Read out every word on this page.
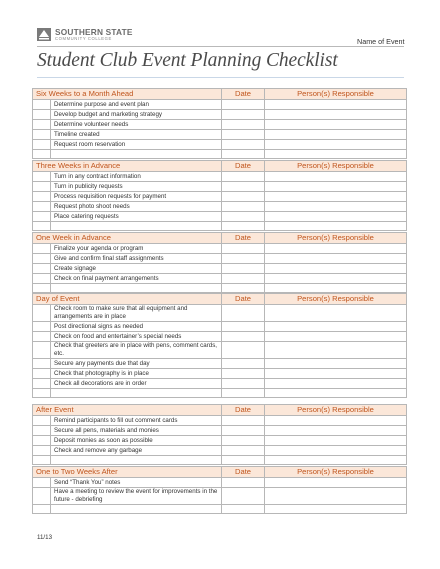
SOUTHERN STATE
COMMUNITY COLLEGE	Name of Event
Student Club Event Planning Checklist
Six Weeks to a Month Ahead		Date	Person(s) Responsible
	Determine purpose and event plan		
	Develop budget and marketing strategy		
	Determine volunteer needs		
	Timeline created		
	Request room reservation		

Three Weeks in Advance		Date	Person(s) Responsible
	Turn in any contract information		
	Turn in publicity requests		
	Process requisition requests for payment		
	Request photo shoot needs		
	Place catering requests		

One Week in Advance		Date	Person(s) Responsible
	Finalize your agenda or program		
	Give and confirm final staff assignments		
	Create signage		
	Check on final payment arrangements		

Day of Event		Date	Person(s) Responsible
	Check room to make sure that all equipment and arrangements are in place		
	Post directional signs as needed		
	Check on food and entertainer’s special needs		
	Check that greeters are in place with pens, comment cards, etc.		
	Secure any payments due that day		
	Check that photography is in place		
	Check all decorations are in order		

After Event		Date	Person(s) Responsible
	Remind participants to fill out comment cards		
	Secure all pens, materials and monies		
	Deposit monies as soon as possible		
	Check and remove any garbage		

One to Two Weeks After		Date	Person(s) Responsible
	Send “Thank You” notes		
	Have a meeting to review the event for improvements in the future - debriefing		

11/13
